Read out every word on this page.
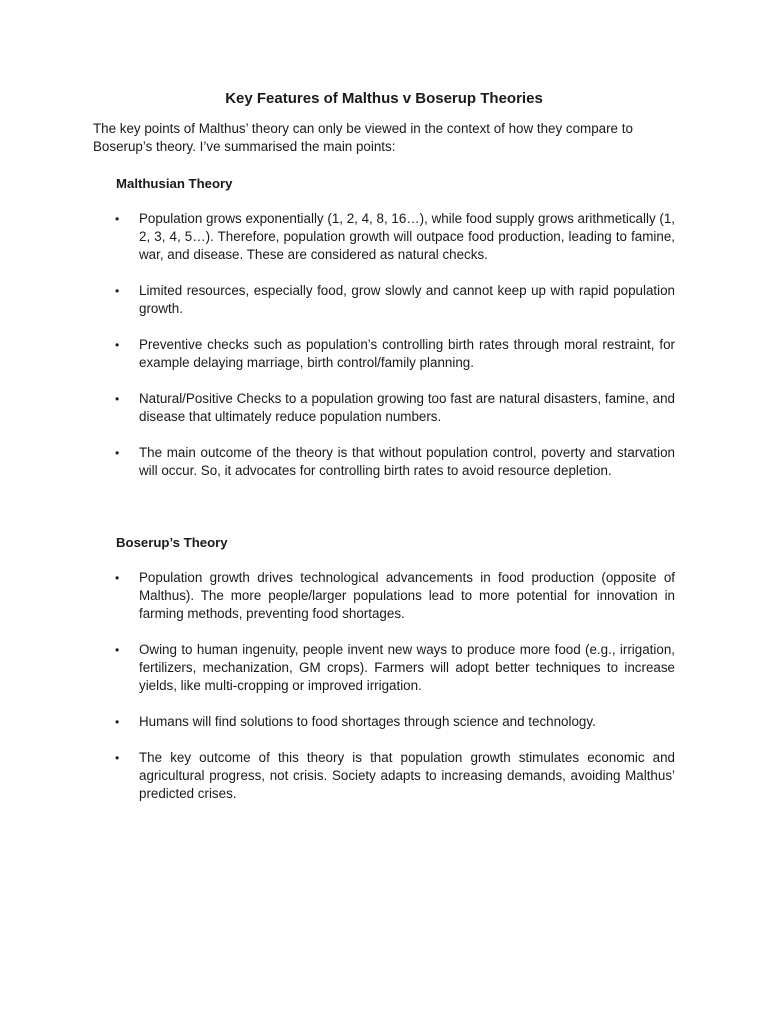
Key Features of Malthus v Boserup Theories

The key points of Malthus’ theory can only be viewed in the context of how they compare to Boserup’s theory. I’ve summarised the main points:

Malthusian Theory
• Population grows exponentially (1, 2, 4, 8, 16…), while food supply grows arithmetically (1, 2, 3, 4, 5…). Therefore, population growth will outpace food production, leading to famine, war, and disease. These are considered as natural checks.
• Limited resources, especially food, grow slowly and cannot keep up with rapid population growth.
• Preventive checks such as population’s controlling birth rates through moral restraint, for example delaying marriage, birth control/family planning.
• Natural/Positive Checks to a population growing too fast are natural disasters, famine, and disease that ultimately reduce population numbers.
• The main outcome of the theory is that without population control, poverty and starvation will occur. So, it advocates for controlling birth rates to avoid resource depletion.
Boserup’s Theory
• Population growth drives technological advancements in food production (opposite of Malthus). The more people/larger populations lead to more potential for innovation in farming methods, preventing food shortages.
• Owing to human ingenuity, people invent new ways to produce more food (e.g., irrigation, fertilizers, mechanization, GM crops). Farmers will adopt better techniques to increase yields, like multi-cropping or improved irrigation.
• Humans will find solutions to food shortages through science and technology.
• The key outcome of this theory is that population growth stimulates economic and agricultural progress, not crisis. Society adapts to increasing demands, avoiding Malthus’ predicted crises.
